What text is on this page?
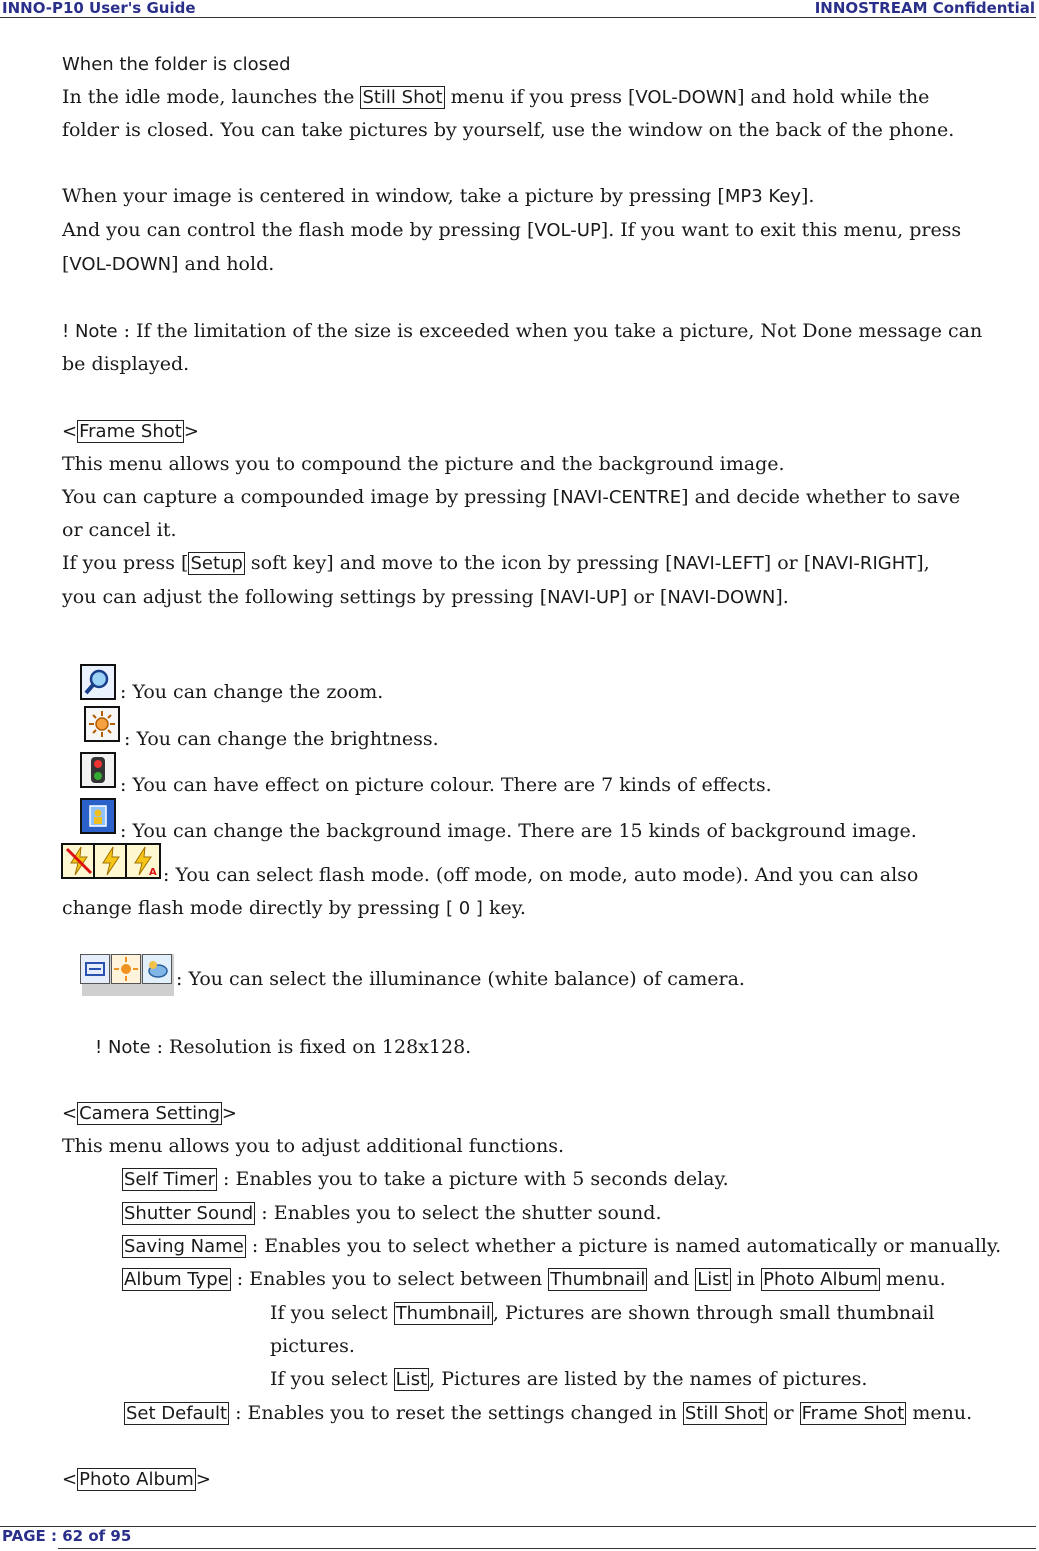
INNO-P10 User's Guide	INNOSTREAM Confidential
When the folder is closed
In the idle mode, launches the Still Shot menu if you press [VOL-DOWN] and hold while the
folder is closed. You can take pictures by yourself, use the window on the back of the phone.
When your image is centered in window, take a picture by pressing [MP3 Key].
And you can control the flash mode by pressing [VOL-UP]. If you want to exit this menu, press
[VOL-DOWN] and hold.
! Note : If the limitation of the size is exceeded when you take a picture, Not Done message can
be displayed.
< Frame Shot >
This menu allows you to compound the picture and the background image.
You can capture a compounded image by pressing [NAVI-CENTRE] and decide whether to save
or cancel it.
If you press [ Setup soft key] and move to the icon by pressing [NAVI-LEFT] or [NAVI-RIGHT],
you can adjust the following settings by pressing [NAVI-UP] or [NAVI-DOWN].
: You can change the zoom.
: You can change the brightness.
: You can have effect on picture colour. There are 7 kinds of effects.
: You can change the background image. There are 15 kinds of background image.
A : You can select flash mode. (off mode, on mode, auto mode). And you can also
change flash mode directly by pressing [ 0 ] key.
: You can select the illuminance (white balance) of camera.
! Note : Resolution is fixed on 128x128.
< Camera Setting >
This menu allows you to adjust additional functions.
Self Timer : Enables you to take a picture with 5 seconds delay.
Shutter Sound : Enables you to select the shutter sound.
Saving Name : Enables you to select whether a picture is named automatically or manually.
Album Type : Enables you to select between Thumbnail and List in Photo Album menu.
If you select Thumbnail , Pictures are shown through small thumbnail
pictures.
If you select List , Pictures are listed by the names of pictures.
Set Default : Enables you to reset the settings changed in Still Shot or Frame Shot menu.
< Photo Album >
PAGE : 62 of 95
